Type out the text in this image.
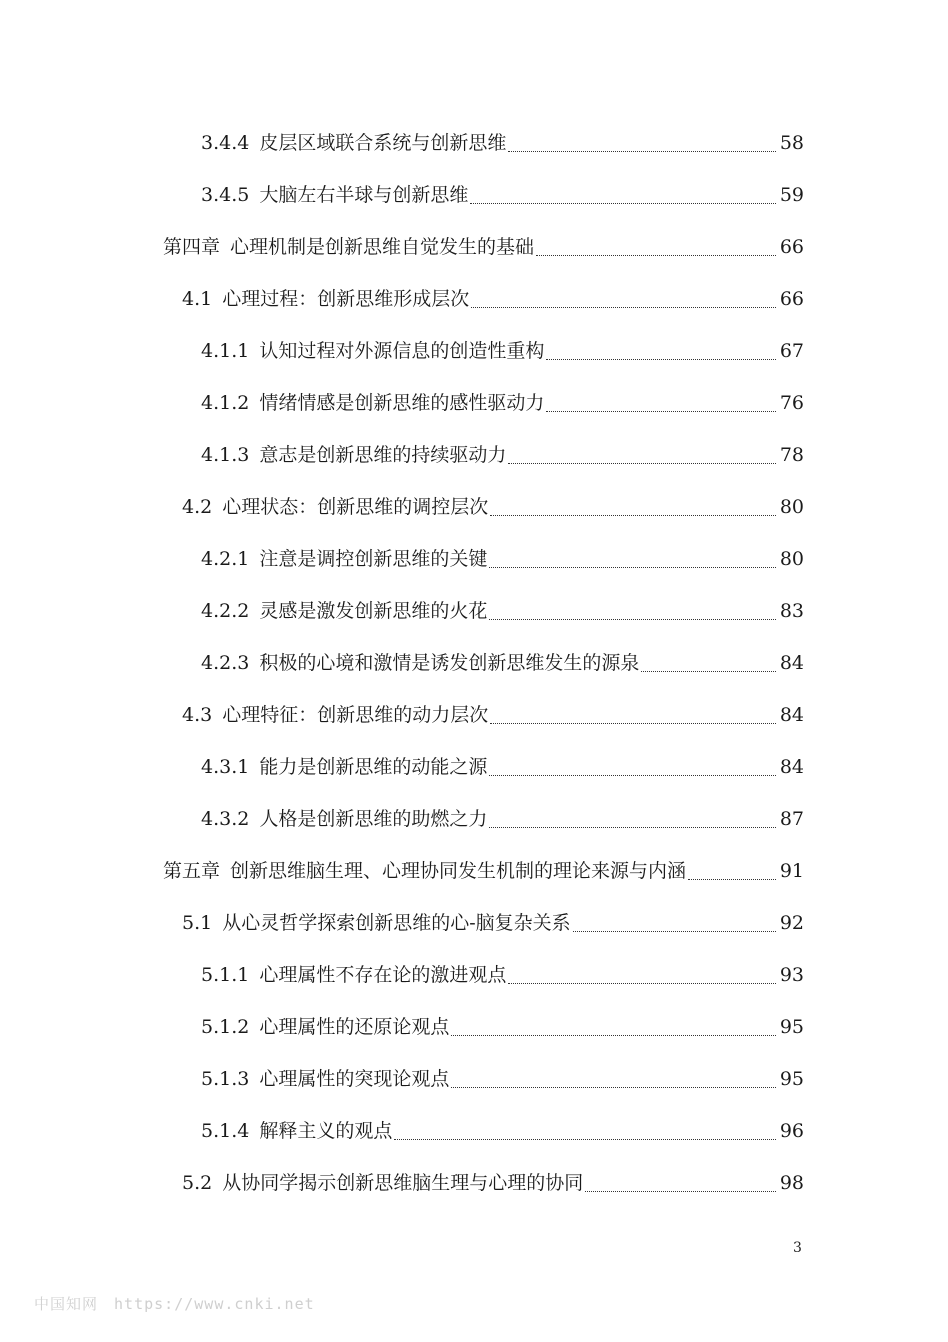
3.4.4 皮层区域联合系统与创新思维	58
3.4.5 大脑左右半球与创新思维	59
第四章 心理机制是创新思维自觉发生的基础	66
4.1 心理过程：创新思维形成层次	66
4.1.1 认知过程对外源信息的创造性重构	67
4.1.2 情绪情感是创新思维的感性驱动力	76
4.1.3 意志是创新思维的持续驱动力	78
4.2 心理状态：创新思维的调控层次	80
4.2.1 注意是调控创新思维的关键	80
4.2.2 灵感是激发创新思维的火花	83
4.2.3 积极的心境和激情是诱发创新思维发生的源泉	84
4.3 心理特征：创新思维的动力层次	84
4.3.1 能力是创新思维的动能之源	84
4.3.2 人格是创新思维的助燃之力	87
第五章 创新思维脑生理、心理协同发生机制的理论来源与内涵	91
5.1 从心灵哲学探索创新思维的心-脑复杂关系	92
5.1.1 心理属性不存在论的激进观点	93
5.1.2 心理属性的还原论观点	95
5.1.3 心理属性的突现论观点	95
5.1.4 解释主义的观点	96
5.2 从协同学揭示创新思维脑生理与心理的协同	98
3
中国知网 https://www.cnki.net
